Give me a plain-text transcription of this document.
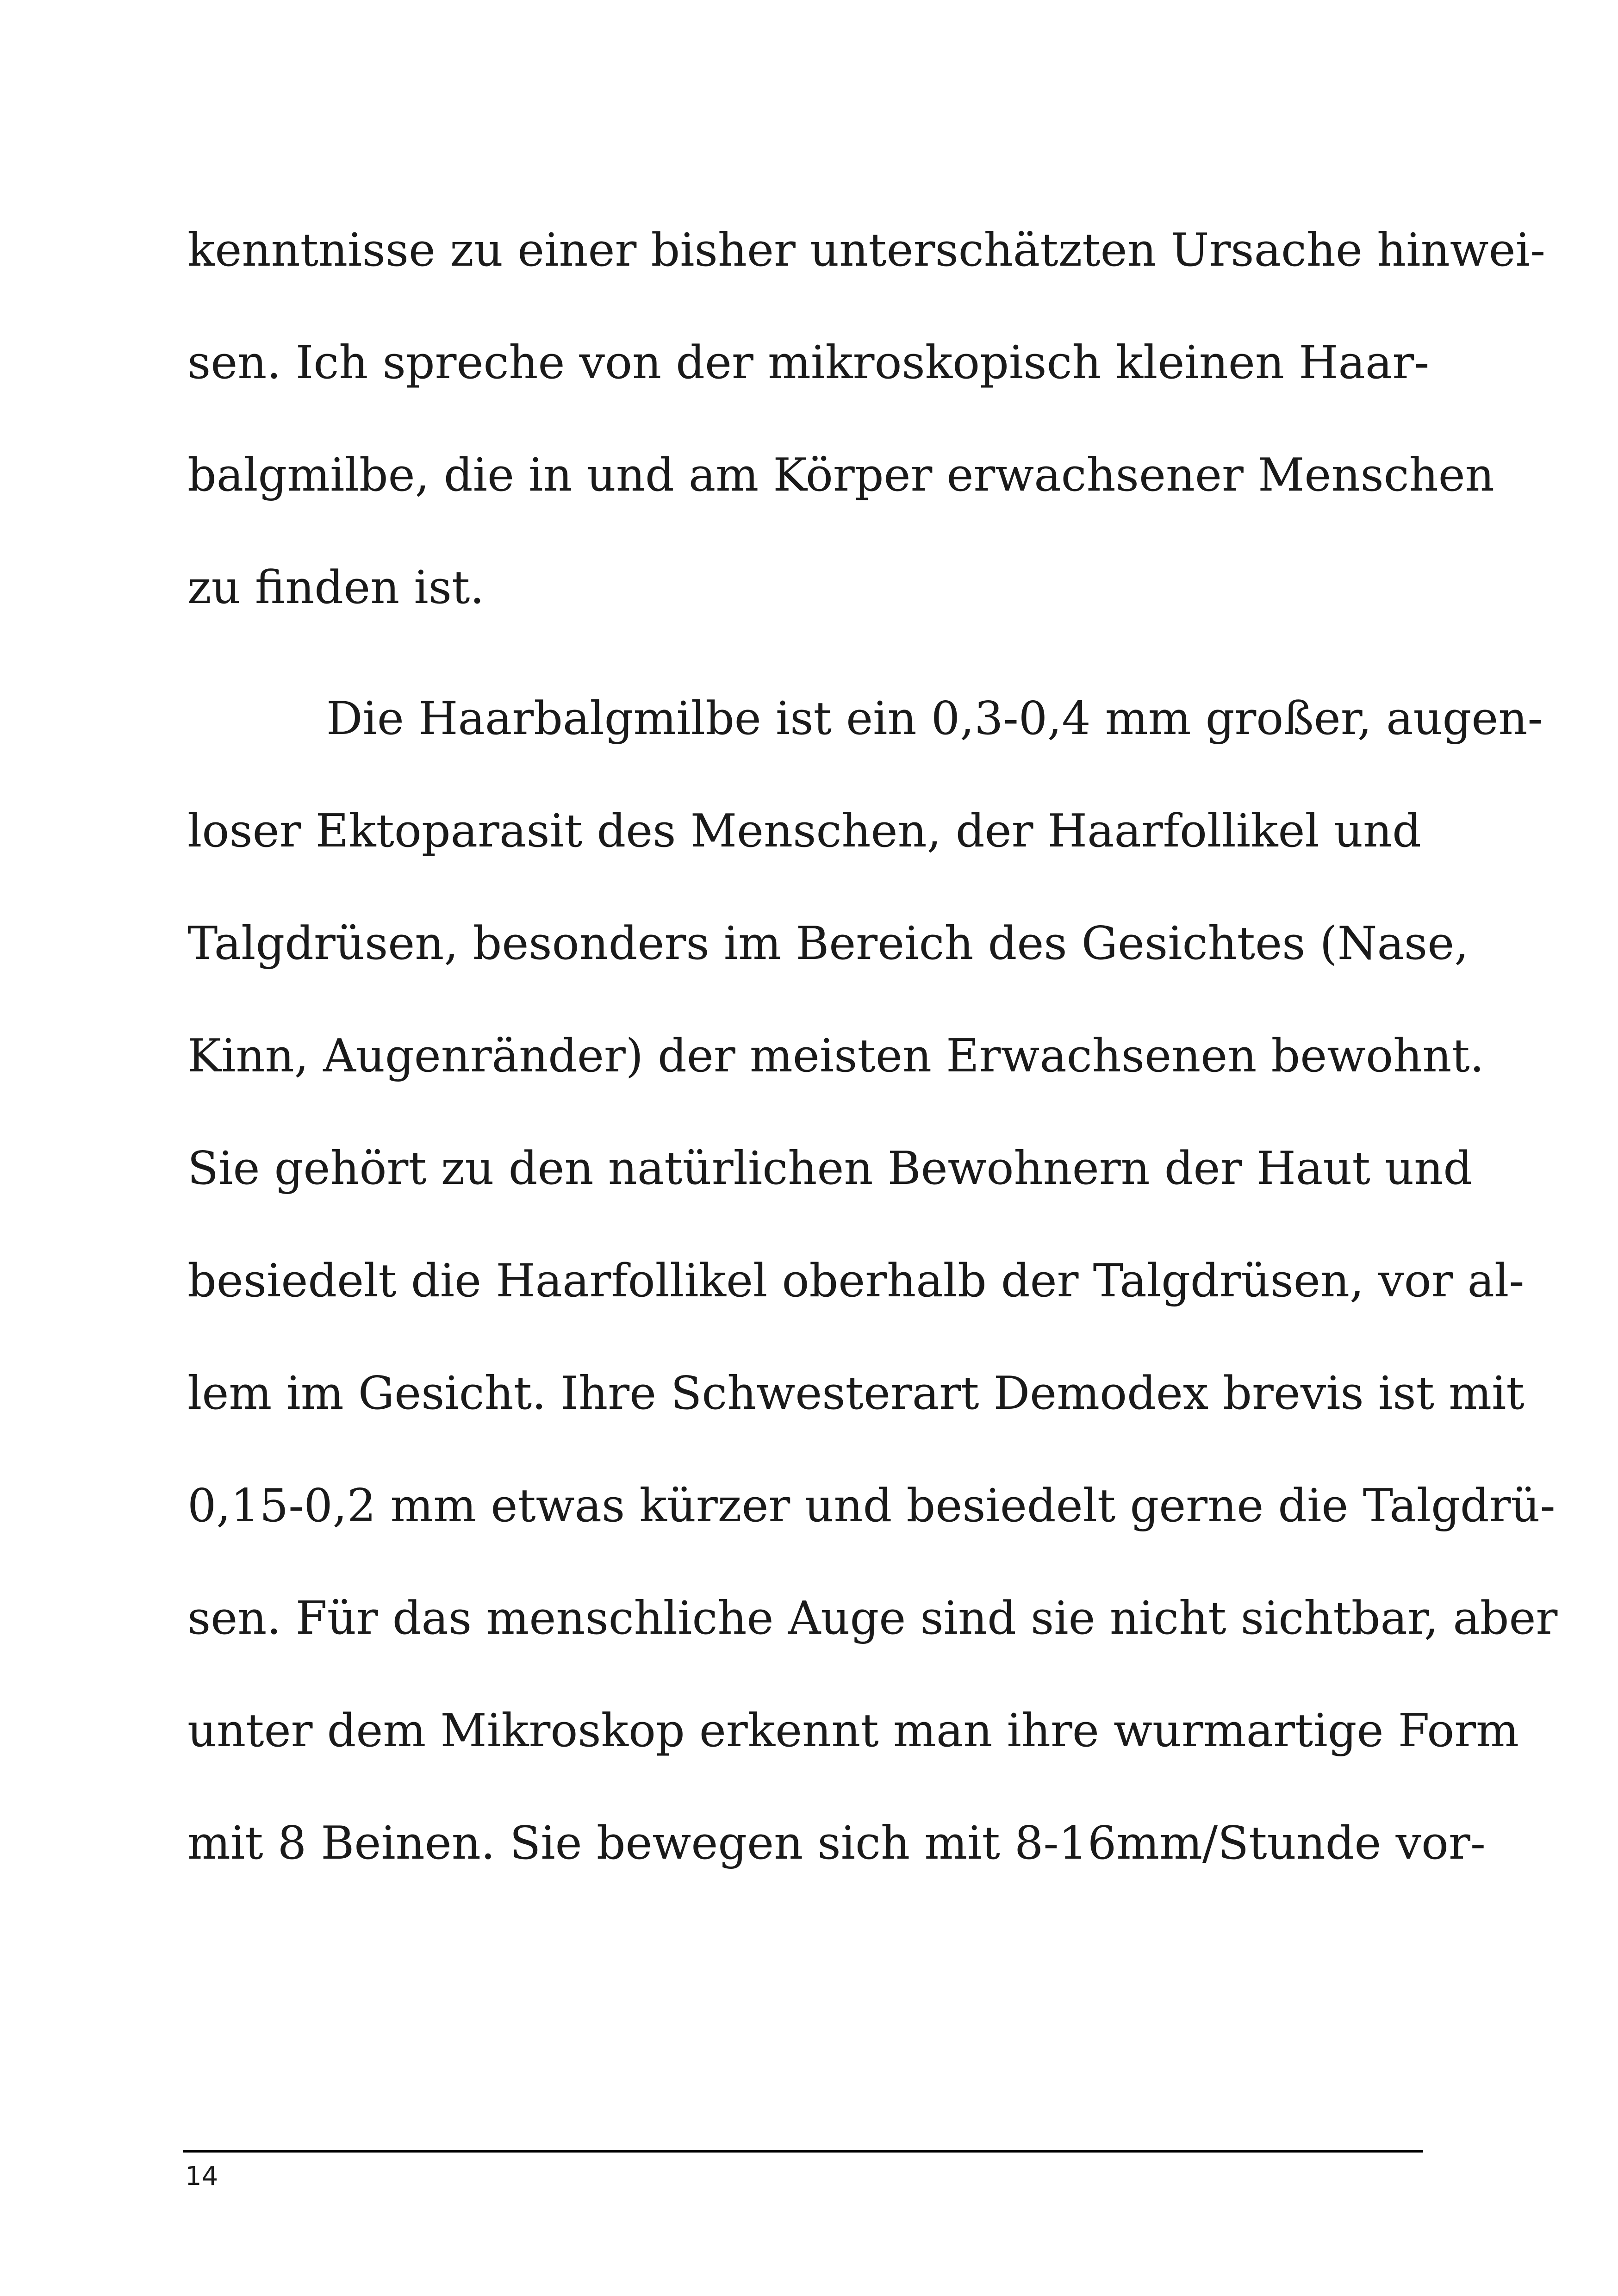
kenntnisse zu einer bisher unterschätzten Ursache hinwei-
sen. Ich spreche von der mikroskopisch kleinen Haar-
balgmilbe, die in und am Körper erwachsener Menschen
zu finden ist.
Die Haarbalgmilbe ist ein 0,3-0,4 mm großer, augen-
loser Ektoparasit des Menschen, der Haarfollikel und
Talgdrüsen, besonders im Bereich des Gesichtes (Nase,
Kinn, Augenränder) der meisten Erwachsenen bewohnt.
Sie gehört zu den natürlichen Bewohnern der Haut und
besiedelt die Haarfollikel oberhalb der Talgdrüsen, vor al-
lem im Gesicht. Ihre Schwesterart Demodex brevis ist mit
0,15-0,2 mm etwas kürzer und besiedelt gerne die Talgdrü-
sen. Für das menschliche Auge sind sie nicht sichtbar, aber
unter dem Mikroskop erkennt man ihre wurmartige Form
mit 8 Beinen. Sie bewegen sich mit 8-16mm/Stunde vor-
14
